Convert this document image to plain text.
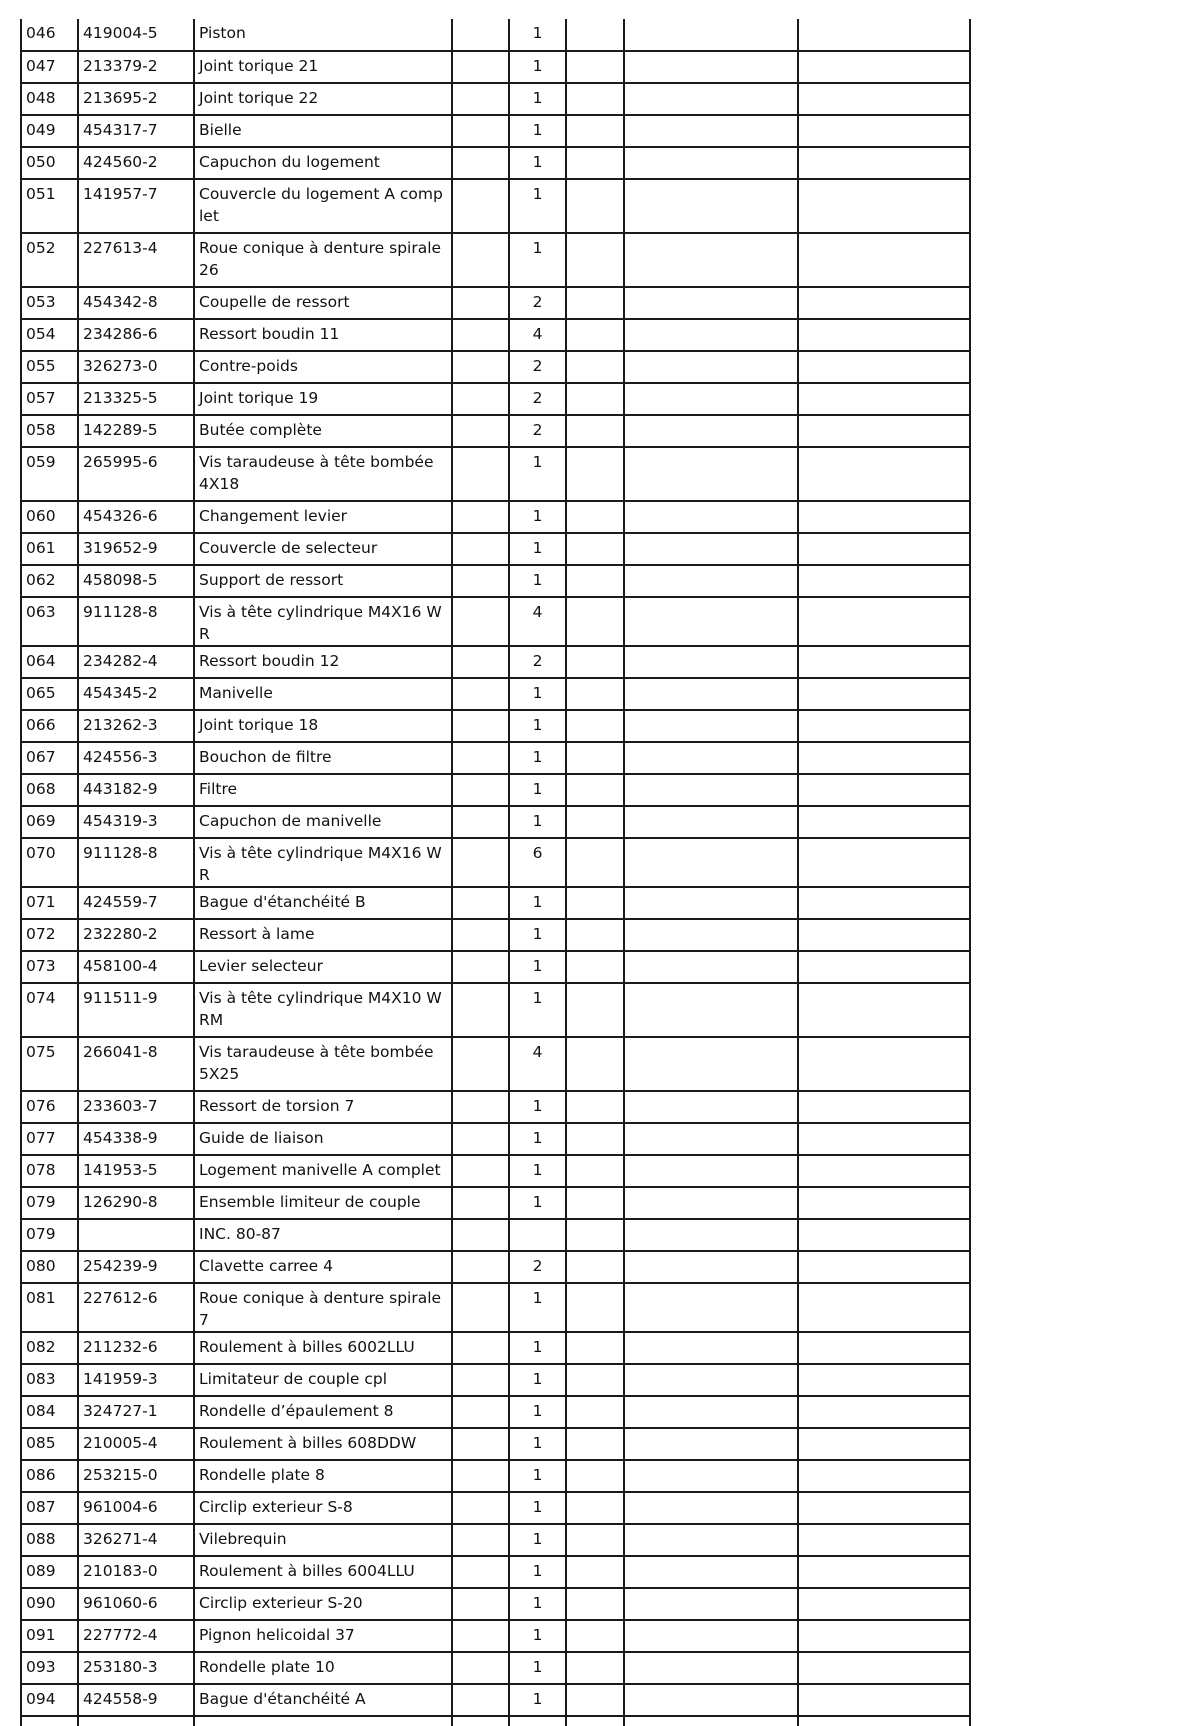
046	419004-5	Piston		1			
047	213379-2	Joint torique 21		1			
048	213695-2	Joint torique 22		1			
049	454317-7	Bielle		1			
050	424560-2	Capuchon du logement		1			
051	141957-7	Couvercle du logement A complet		1			
052	227613-4	Roue conique à denture spirale 26		1			
053	454342-8	Coupelle de ressort		2			
054	234286-6	Ressort boudin 11		4			
055	326273-0	Contre-poids		2			
057	213325-5	Joint torique 19		2			
058	142289-5	Butée complète		2			
059	265995-6	Vis taraudeuse à tête bombée 4X18		1			
060	454326-6	Changement levier		1			
061	319652-9	Couvercle de selecteur		1			
062	458098-5	Support de ressort		1			
063	911128-8	Vis à tête cylindrique M4X16 WR		4			
064	234282-4	Ressort boudin 12		2			
065	454345-2	Manivelle		1			
066	213262-3	Joint torique 18		1			
067	424556-3	Bouchon de filtre		1			
068	443182-9	Filtre		1			
069	454319-3	Capuchon de manivelle		1			
070	911128-8	Vis à tête cylindrique M4X16 WR		6			
071	424559-7	Bague d'étanchéité B		1			
072	232280-2	Ressort à lame		1			
073	458100-4	Levier selecteur		1			
074	911511-9	Vis à tête cylindrique M4X10 WRM		1			
075	266041-8	Vis taraudeuse à tête bombée 5X25		4			
076	233603-7	Ressort de torsion 7		1			
077	454338-9	Guide de liaison		1			
078	141953-5	Logement manivelle A complet		1			
079	126290-8	Ensemble limiteur de couple		1			
079		INC. 80-87					
080	254239-9	Clavette carree 4		2			
081	227612-6	Roue conique à denture spirale 7		1			
082	211232-6	Roulement à billes 6002LLU		1			
083	141959-3	Limitateur de couple cpl		1			
084	324727-1	Rondelle d’épaulement 8		1			
085	210005-4	Roulement à billes 608DDW		1			
086	253215-0	Rondelle plate 8		1			
087	961004-6	Circlip exterieur S-8		1			
088	326271-4	Vilebrequin		1			
089	210183-0	Roulement à billes 6004LLU		1			
090	961060-6	Circlip exterieur S-20		1			
091	227772-4	Pignon helicoidal 37		1			
093	253180-3	Rondelle plate 10		1			
094	424558-9	Bague d'étanchéité A		1			
